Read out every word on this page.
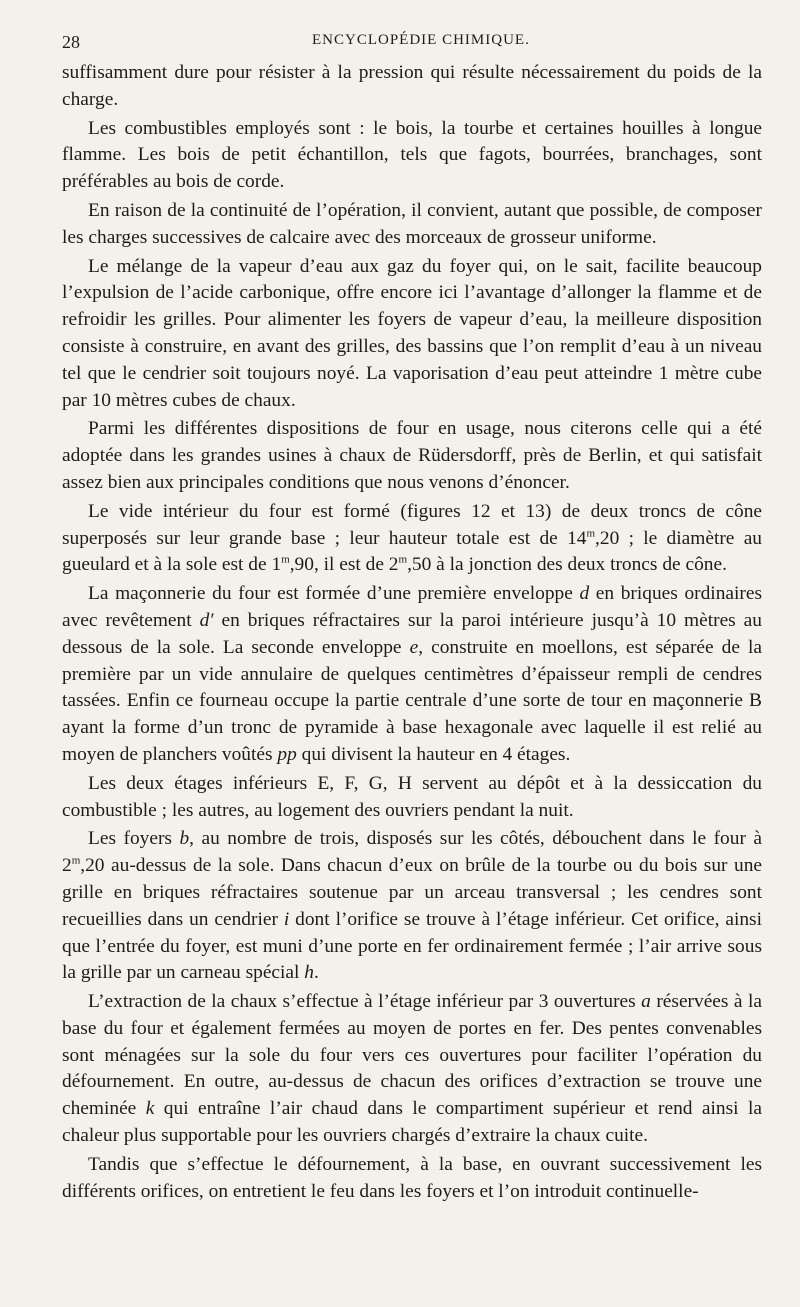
28	ENCYCLOPÉDIE CHIMIQUE.

suffisamment dure pour résister à la pression qui résulte nécessairement du poids de la charge.

Les combustibles employés sont : le bois, la tourbe et certaines houilles à longue flamme. Les bois de petit échantillon, tels que fagots, bourrées, branchages, sont préférables au bois de corde.

En raison de la continuité de l’opération, il convient, autant que possible, de composer les charges successives de calcaire avec des morceaux de grosseur uniforme.

Le mélange de la vapeur d’eau aux gaz du foyer qui, on le sait, facilite beaucoup l’expulsion de l’acide carbonique, offre encore ici l’avantage d’allonger la flamme et de refroidir les grilles. Pour alimenter les foyers de vapeur d’eau, la meilleure disposition consiste à construire, en avant des grilles, des bassins que l’on remplit d’eau à un niveau tel que le cendrier soit toujours noyé. La vaporisation d’eau peut atteindre 1 mètre cube par 10 mètres cubes de chaux.

Parmi les différentes dispositions de four en usage, nous citerons celle qui a été adoptée dans les grandes usines à chaux de Rüdersdorff, près de Berlin, et qui satisfait assez bien aux principales conditions que nous venons d’énoncer.

Le vide intérieur du four est formé (figures 12 et 13) de deux troncs de cône superposés sur leur grande base ; leur hauteur totale est de 14$^m$,20 ; le diamètre au gueulard et à la sole est de 1$^m$,90, il est de 2$^m$,50 à la jonction des deux troncs de cône.

La maçonnerie du four est formée d’une première enveloppe d en briques ordinaires avec revêtement d′ en briques réfractaires sur la paroi intérieure jusqu’à 10 mètres au dessous de la sole. La seconde enveloppe e, construite en moellons, est séparée de la première par un vide annulaire de quelques centimètres d’épaisseur rempli de cendres tassées. Enfin ce fourneau occupe la partie centrale d’une sorte de tour en maçonnerie B ayant la forme d’un tronc de pyramide à base hexagonale avec laquelle il est relié au moyen de planchers voûtés pp qui divisent la hauteur en 4 étages.

Les deux étages inférieurs E, F, G, H servent au dépôt et à la dessiccation du combustible ; les autres, au logement des ouvriers pendant la nuit.

Les foyers b, au nombre de trois, disposés sur les côtés, débouchent dans le four à 2$^m$,20 au-dessus de la sole. Dans chacun d’eux on brûle de la tourbe ou du bois sur une grille en briques réfractaires soutenue par un arceau transversal ; les cendres sont recueillies dans un cendrier i dont l’orifice se trouve à l’étage inférieur. Cet orifice, ainsi que l’entrée du foyer, est muni d’une porte en fer ordinairement fermée ; l’air arrive sous la grille par un carneau spécial h.

L’extraction de la chaux s’effectue à l’étage inférieur par 3 ouvertures a réservées à la base du four et également fermées au moyen de portes en fer. Des pentes convenables sont ménagées sur la sole du four vers ces ouvertures pour faciliter l’opération du défournement. En outre, au-dessus de chacun des orifices d’extraction se trouve une cheminée k qui entraîne l’air chaud dans le compartiment supérieur et rend ainsi la chaleur plus supportable pour les ouvriers chargés d’extraire la chaux cuite.

Tandis que s’effectue le défournement, à la base, en ouvrant successivement les différents orifices, on entretient le feu dans les foyers et l’on introduit continuelle-
